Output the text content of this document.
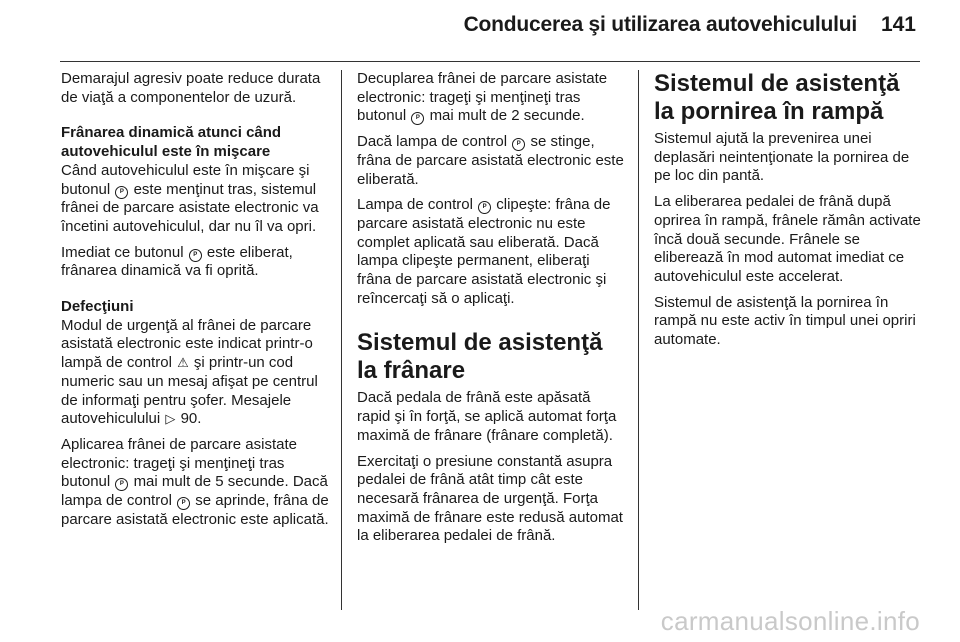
Conducerea şi utilizarea autovehiculului 141

Demarajul agresiv poate reduce durata de viaţă a componentelor de uzură.

Frânarea dinamică atunci când autovehiculul este în mişcare

Când autovehiculul este în mişcare şi butonul P este menţinut tras, sistemul frânei de parcare asistate electronic va încetini autovehiculul, dar nu îl va opri.

Imediat ce butonul P este eliberat, frânarea dinamică va fi oprită.

Defecţiuni

Modul de urgenţă al frânei de parcare asistată electronic este indicat printr-o lampă de control ⚠ şi printr-un cod numeric sau un mesaj afişat pe centrul de informaţi pentru şofer. Mesajele autovehiculului ▷ 90.

Aplicarea frânei de parcare asistate electronic: trageţi şi menţineţi tras butonul P mai mult de 5 secunde. Dacă lampa de control P se aprinde, frâna de parcare asistată electronic este aplicată.

Decuplarea frânei de parcare asistate electronic: trageţi şi menţineţi tras butonul P mai mult de 2 secunde.

Dacă lampa de control P se stinge, frâna de parcare asistată electronic este eliberată.

Lampa de control P clipeşte: frâna de parcare asistată electronic nu este complet aplicată sau eliberată. Dacă lampa clipeşte permanent, eliberaţi frâna de parcare asistată electronic şi reîncercaţi să o aplicaţi.

Sistemul de asistenţă la frânare

Dacă pedala de frână este apăsată rapid şi în forţă, se aplică automat forţa maximă de frânare (frânare completă).

Exercitaţi o presiune constantă asupra pedalei de frână atât timp cât este necesară frânarea de urgenţă. Forţa maximă de frânare este redusă automat la eliberarea pedalei de frână.

Sistemul de asistenţă la pornirea în rampă

Sistemul ajută la prevenirea unei deplasări neintenţionate la pornirea de pe loc din pantă.

La eliberarea pedalei de frână după oprirea în rampă, frânele rămân activate încă două secunde. Frânele se eliberează în mod automat imediat ce autovehiculul este accelerat.

Sistemul de asistenţă la pornirea în rampă nu este activ în timpul unei opriri automate.

carmanualsonline.info
